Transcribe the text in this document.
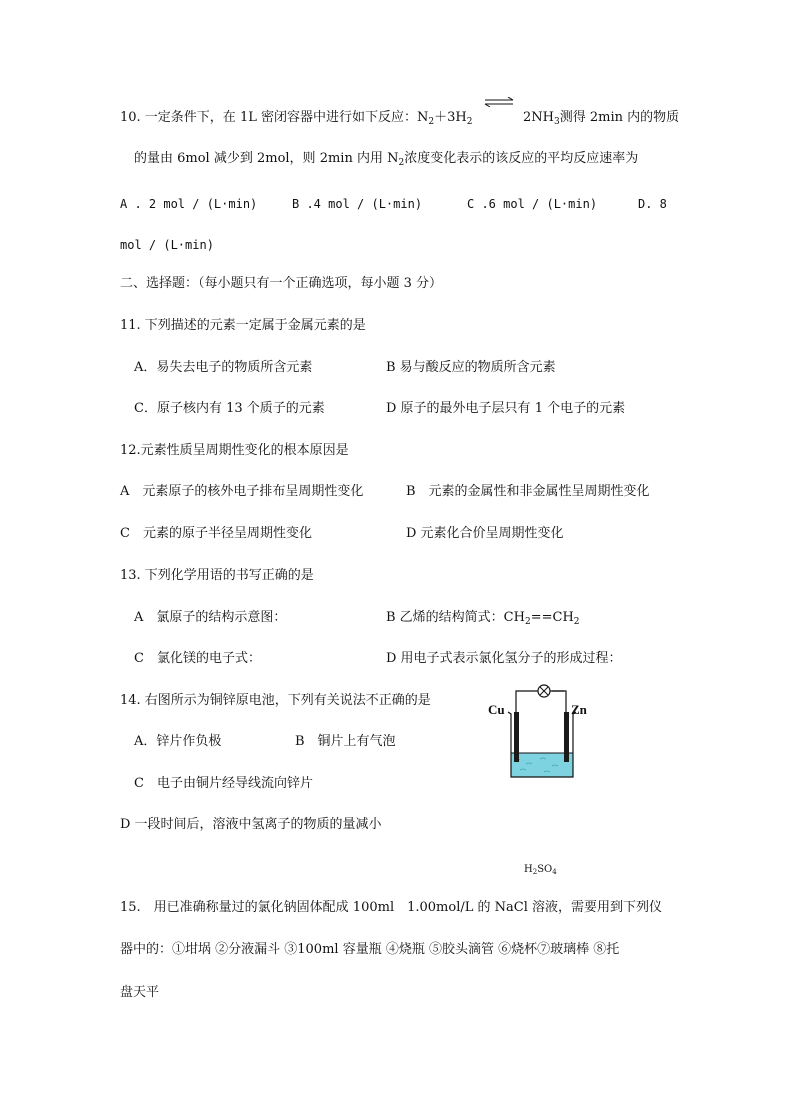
10. 一定条件下，在 1L 密闭容器中进行如下反应：$N_2+3H_2$	$2NH_3$测得 2min 内的物质
的量由 6mol 减少到 2mol，则 2min 内用 $N_2$浓度变化表示的该反应的平均反应速率为
A . 2 mol / (L·min)	B .4 mol / (L·min)	C .6 mol / (L·min)	D. 8
mol / (L·min)
二、选择题：（每小题只有一个正确选项，每小题 3 分）
11. 下列描述的元素一定属于金属元素的是
A．易失去电子的物质所含元素	B 易与酸反应的物质所含元素
C．原子核内有 13 个质子的元素	D 原子的最外电子层只有 1 个电子的元素
12.元素性质呈周期性变化的根本原因是
A　元素原子的核外电子排布呈周期性变化	B　元素的金属性和非金属性呈周期性变化
C　元素的原子半径呈周期性变化	D 元素化合价呈周期性变化
13. 下列化学用语的书写正确的是
A　氯原子的结构示意图：	B 乙烯的结构简式：$CH_2==CH_2$
C　氯化镁的电子式：	D 用电子式表示氯化氢分子的形成过程：
14. 右图所示为铜锌原电池，下列有关说法不正确的是
A．锌片作负极	B　铜片上有气泡
C　电子由铜片经导线流向锌片
D 一段时间后，溶液中氢离子的物质的量减小
Cu	Zn
$H_2SO_4$
15.　用已准确称量过的氯化钠固体配成 100ml　1.00mol/L 的 NaCl 溶液，需要用到下列仪
器中的：①坩埚 ②分液漏斗 ③100ml 容量瓶 ④烧瓶 ⑤胶头滴管 ⑥烧杯⑦玻璃棒 ⑧托
盘天平
